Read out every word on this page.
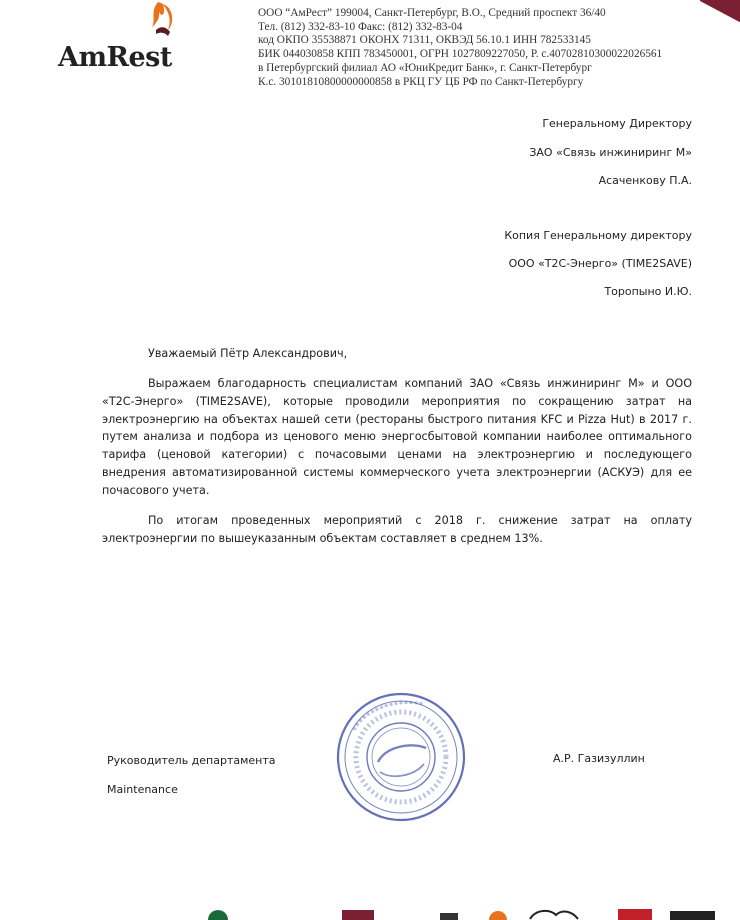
AmRest
ООО “АмРест” 199004, Санкт-Петербург, В.О., Средний проспект 36/40
Тел. (812) 332-83-10 Факс: (812) 332-83-04
код ОКПО 35538871 ОКОНХ 71311, ОКВЭД 56.10.1 ИНН 782533145
БИК 044030858 КПП 783450001, ОГРН 1027809227050, Р. с.40702810300022026561
в Петербургский филиал АО «ЮниКредит Банк», г. Санкт-Петербург
К.с. 30101810800000000858 в РКЦ ГУ ЦБ РФ по Санкт-Петербургу
Генеральному Директору
ЗАО «Связь инжиниринг М»
Асаченкову П.А.
Копия Генеральному директору
ООО «Т2С-Энерго» (TIME2SAVE)
Торопыно И.Ю.
Уважаемый Пётр Александрович,

Выражаем благодарность специалистам компаний ЗАО «Связь инжиниринг М» и ООО «Т2С-Энерго» (TIME2SAVE), которые проводили мероприятия по сокращению затрат на электроэнергию на объектах нашей сети (рестораны быстрого питания KFC и Pizza Hut) в 2017 г. путем анализа и подбора из ценового меню энергосбытовой компании наиболее оптимального тарифа (ценовой категории) с почасовыми ценами на электроэнергию и последующего внедрения автоматизированной системы коммерческого учета электроэнергии (АСКУЭ) для ее почасового учета.

По итогам проведенных мероприятий с 2018 г. снижение затрат на оплату электроэнергии по вышеуказанным объектам составляет в среднем 13%.

Руководитель департамента
Maintenance
А.Р. Газизуллин
